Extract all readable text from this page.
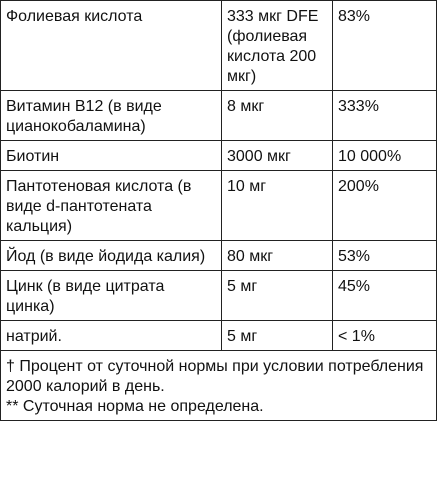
Фолиевая кислота	333 мкг DFE (фолиевая кислота 200 мкг)	83%
Витамин B12 (в виде цианокобаламина)	8 мкг	333%
Биотин	3000 мкг	10 000%
Пантотеновая кислота (в виде d-пантотената кальция)	10 мг	200%
Йод (в виде йодида калия)	80 мкг	53%
Цинк (в виде цитрата цинка)	5 мг	45%
натрий.	5 мг	< 1%

† Процент от суточной нормы при условии потребления 2000 калорий в день.
** Суточная норма не определена.		
